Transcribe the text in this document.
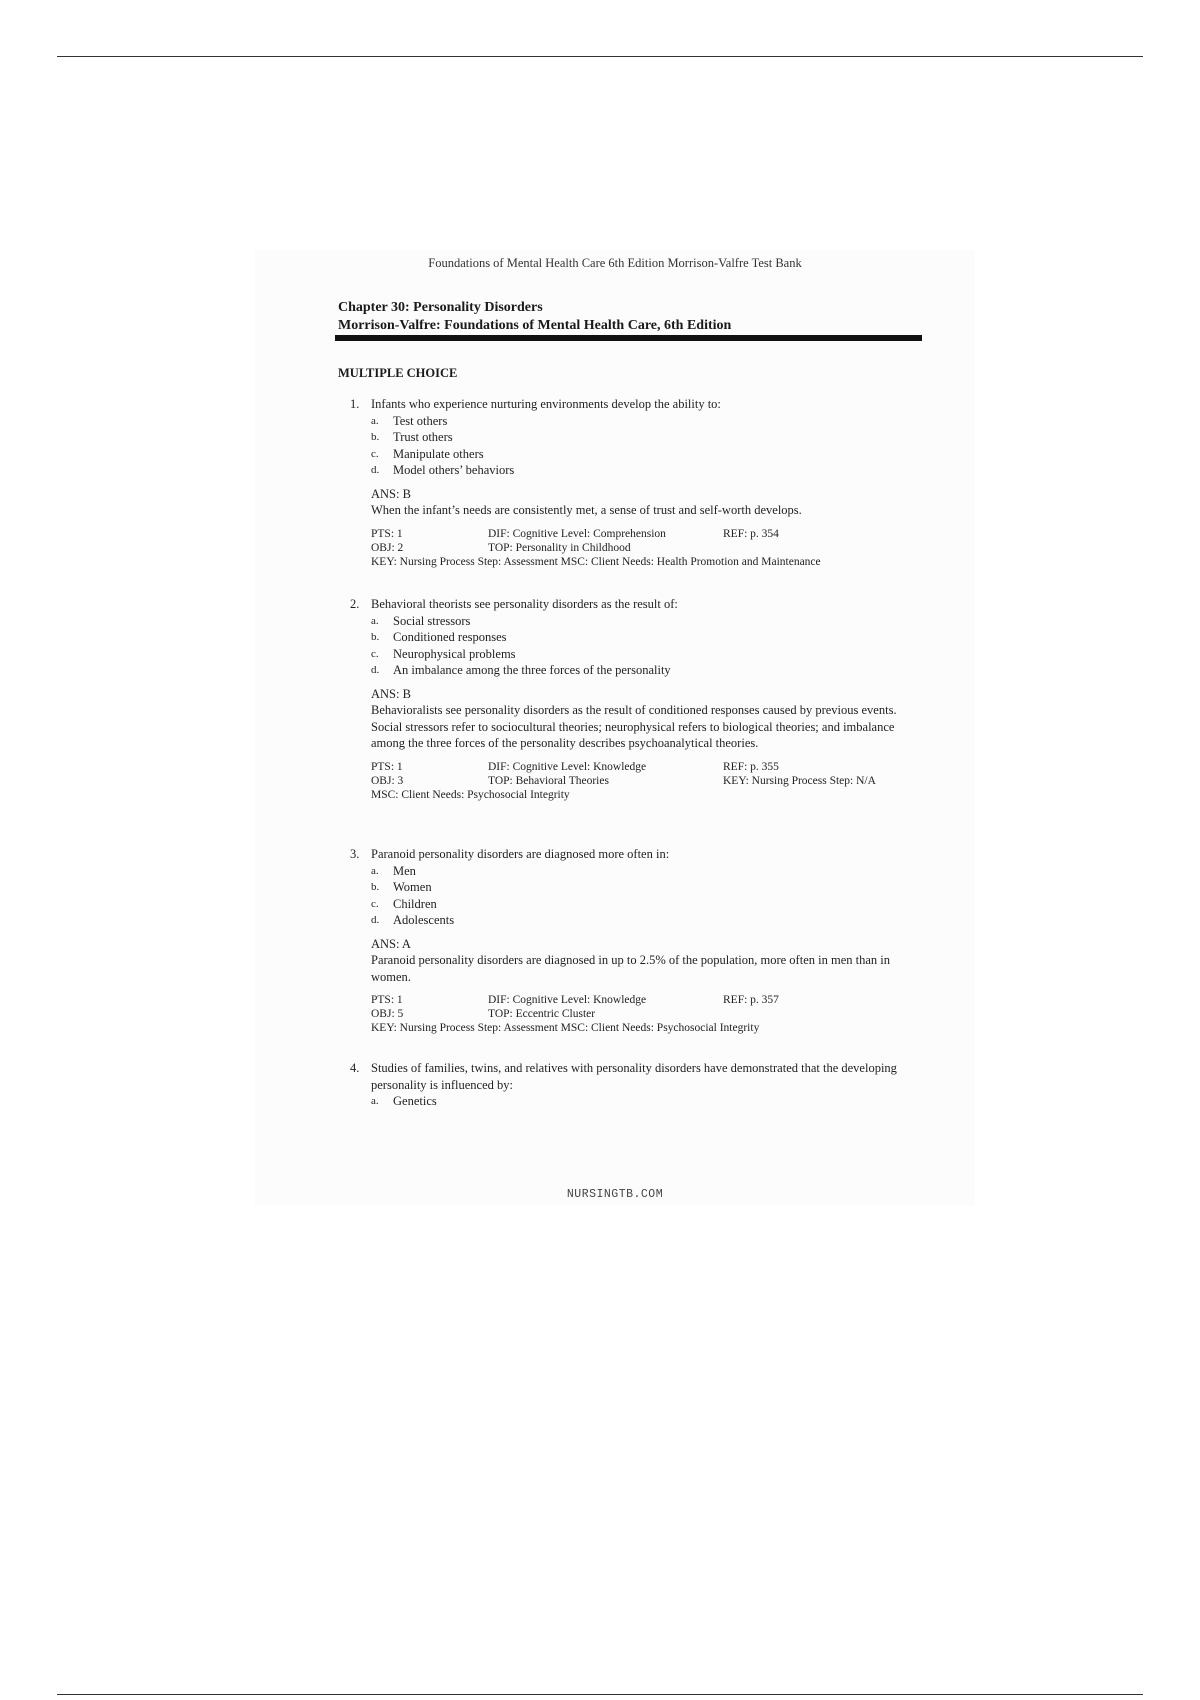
Foundations of Mental Health Care 6th Edition Morrison-Valfre Test Bank
Chapter 30: Personality Disorders
Morrison-Valfre: Foundations of Mental Health Care, 6th Edition
MULTIPLE CHOICE
1. Infants who experience nurturing environments develop the ability to:
a.	Test others
b.	Trust others
c.	Manipulate others
d.	Model others’ behaviors
ANS: B
When the infant’s needs are consistently met, a sense of trust and self-worth develops.
PTS: 1	DIF: Cognitive Level: Comprehension	REF: p. 354
OBJ: 2	TOP: Personality in Childhood
KEY: Nursing Process Step: Assessment MSC: Client Needs: Health Promotion and Maintenance
2. Behavioral theorists see personality disorders as the result of:
a.	Social stressors
b.	Conditioned responses
c.	Neurophysical problems
d.	An imbalance among the three forces of the personality
ANS: B
Behavioralists see personality disorders as the result of conditioned responses caused by previous events. Social stressors refer to sociocultural theories; neurophysical refers to biological theories; and imbalance among the three forces of the personality describes psychoanalytical theories.
PTS: 1	DIF: Cognitive Level: Knowledge	REF: p. 355
OBJ: 3	TOP: Behavioral Theories	KEY: Nursing Process Step: N/A
MSC: Client Needs: Psychosocial Integrity
3. Paranoid personality disorders are diagnosed more often in:
a.	Men
b.	Women
c.	Children
d.	Adolescents
ANS: A
Paranoid personality disorders are diagnosed in up to 2.5% of the population, more often in men than in women.
PTS: 1	DIF: Cognitive Level: Knowledge	REF: p. 357
OBJ: 5	TOP: Eccentric Cluster
KEY: Nursing Process Step: Assessment MSC: Client Needs: Psychosocial Integrity
4. Studies of families, twins, and relatives with personality disorders have demonstrated that the developing personality is influenced by:
a.	Genetics
NURSINGTB.COM
